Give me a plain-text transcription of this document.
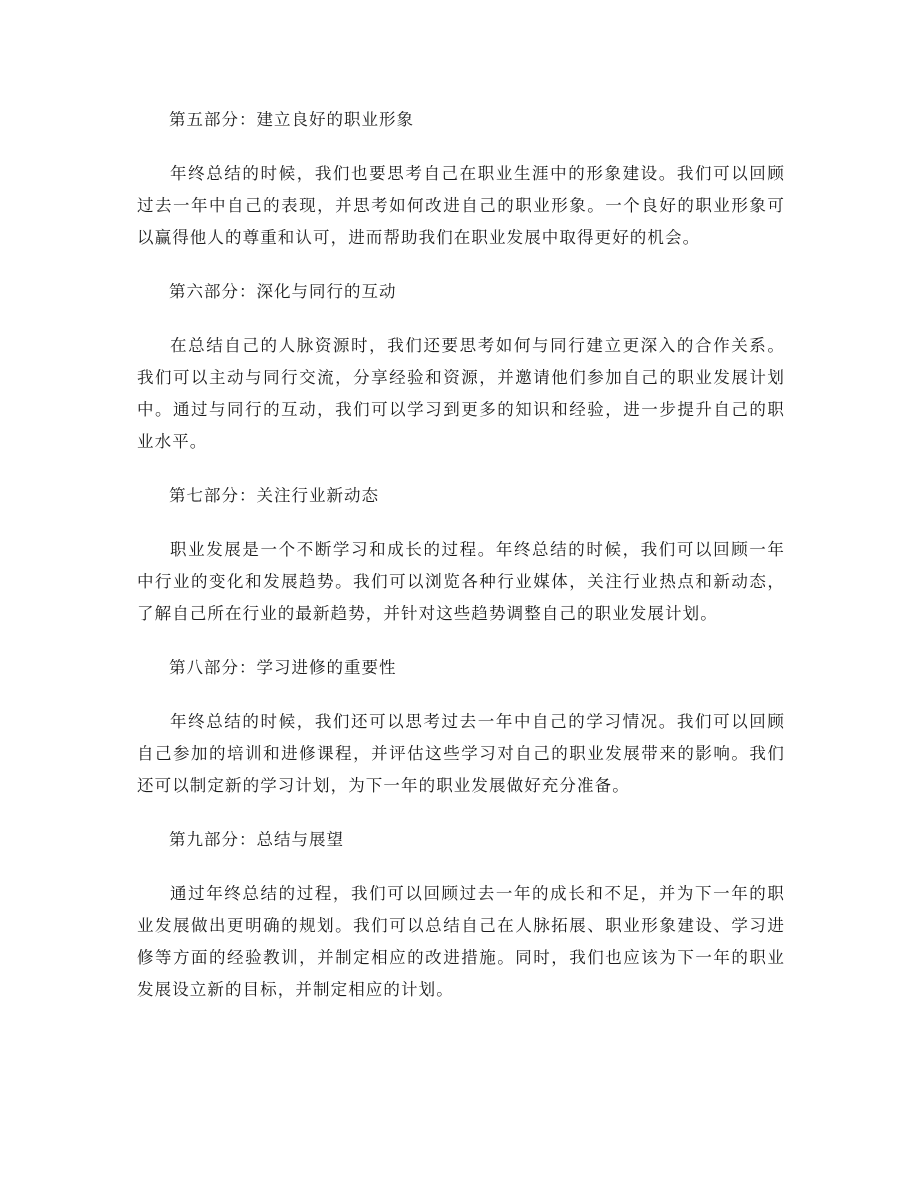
第五部分：建立良好的职业形象

年终总结的时候，我们也要思考自己在职业生涯中的形象建设。我们可以回顾过去一年中自己的表现，并思考如何改进自己的职业形象。一个良好的职业形象可以赢得他人的尊重和认可，进而帮助我们在职业发展中取得更好的机会。

第六部分：深化与同行的互动

在总结自己的人脉资源时，我们还要思考如何与同行建立更深入的合作关系。我们可以主动与同行交流，分享经验和资源，并邀请他们参加自己的职业发展计划中。通过与同行的互动，我们可以学习到更多的知识和经验，进一步提升自己的职业水平。

第七部分：关注行业新动态

职业发展是一个不断学习和成长的过程。年终总结的时候，我们可以回顾一年中行业的变化和发展趋势。我们可以浏览各种行业媒体，关注行业热点和新动态，了解自己所在行业的最新趋势，并针对这些趋势调整自己的职业发展计划。

第八部分：学习进修的重要性

年终总结的时候，我们还可以思考过去一年中自己的学习情况。我们可以回顾自己参加的培训和进修课程，并评估这些学习对自己的职业发展带来的影响。我们还可以制定新的学习计划，为下一年的职业发展做好充分准备。

第九部分：总结与展望

通过年终总结的过程，我们可以回顾过去一年的成长和不足，并为下一年的职业发展做出更明确的规划。我们可以总结自己在人脉拓展、职业形象建设、学习进修等方面的经验教训，并制定相应的改进措施。同时，我们也应该为下一年的职业发展设立新的目标，并制定相应的计划。
